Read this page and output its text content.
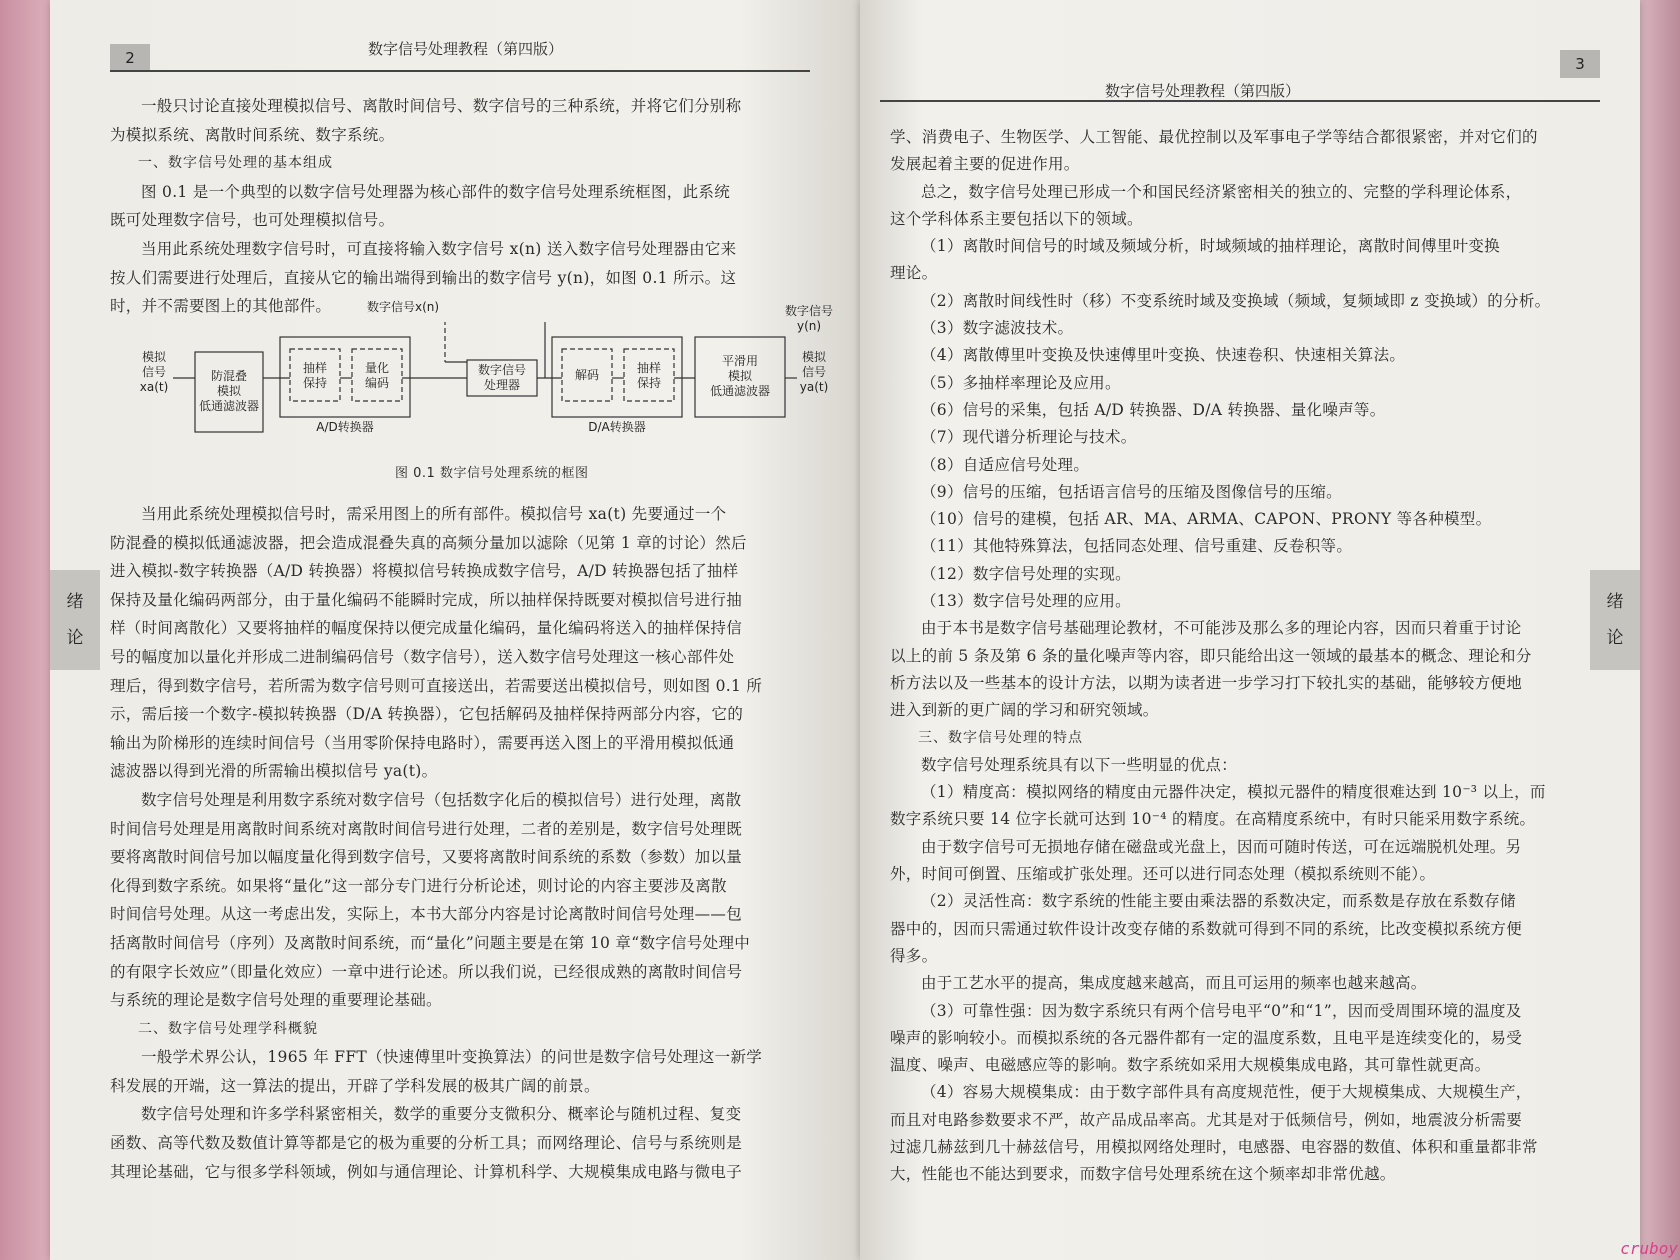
2	数字信号处理教程（第四版）

一般只讨论直接处理模拟信号、离散时间信号、数字信号的三种系统，并将它们分别称

为模拟系统、离散时间系统、数字系统。

一、数字信号处理的基本组成

图 0.1 是一个典型的以数字信号处理器为核心部件的数字信号处理系统框图，此系统

既可处理数字信号，也可处理模拟信号。

当用此系统处理数字信号时，可直接将输入数字信号 x(n) 送入数字信号处理器由它来

按人们需要进行处理后，直接从它的输出端得到输出的数字信号 y(n)，如图 0.1 所示。这

时，并不需要图上的其他部件。	数字信号x(n)	数字信号
y(n)
模拟
信号
xa(t)
防混叠
模拟
低通滤波器
抽样
保持
量化
编码
A/D转换器
数字信号
处理器
解码	抽样
保持
D/A转换器
平滑用
模拟
低通滤波器
模拟
信号
ya(t)
图 0.1 数字信号处理系统的框图

当用此系统处理模拟信号时，需采用图上的所有部件。模拟信号 xa(t) 先要通过一个

防混叠的模拟低通滤波器，把会造成混叠失真的高频分量加以滤除（见第 1 章的讨论）然后

进入模拟-数字转换器（A/D 转换器）将模拟信号转换成数字信号，A/D 转换器包括了抽样

保持及量化编码两部分，由于量化编码不能瞬时完成，所以抽样保持既要对模拟信号进行抽

样（时间离散化）又要将抽样的幅度保持以便完成量化编码，量化编码将送入的抽样保持信

号的幅度加以量化并形成二进制编码信号（数字信号），送入数字信号处理这一核心部件处

理后，得到数字信号，若所需为数字信号则可直接送出，若需要送出模拟信号，则如图 0.1 所

示，需后接一个数字-模拟转换器（D/A 转换器），它包括解码及抽样保持两部分内容，它的

输出为阶梯形的连续时间信号（当用零阶保持电路时），需要再送入图上的平滑用模拟低通

滤波器以得到光滑的所需输出模拟信号 ya(t)。

数字信号处理是利用数字系统对数字信号（包括数字化后的模拟信号）进行处理，离散

时间信号处理是用离散时间系统对离散时间信号进行处理，二者的差别是，数字信号处理既

要将离散时间信号加以幅度量化得到数字信号，又要将离散时间系统的系数（参数）加以量

化得到数字系统。如果将“量化”这一部分专门进行分析论述，则讨论的内容主要涉及离散

时间信号处理。从这一考虑出发，实际上，本书大部分内容是讨论离散时间信号处理——包

括离散时间信号（序列）及离散时间系统，而“量化”问题主要是在第 10 章“数字信号处理中

的有限字长效应”（即量化效应）一章中进行论述。所以我们说，已经很成熟的离散时间信号

与系统的理论是数字信号处理的重要理论基础。

二、数字信号处理学科概貌

一般学术界公认，1965 年 FFT（快速傅里叶变换算法）的问世是数字信号处理这一新学

科发展的开端，这一算法的提出，开辟了学科发展的极其广阔的前景。

数字信号处理和许多学科紧密相关，数学的重要分支微积分、概率论与随机过程、复变

函数、高等代数及数值计算等都是它的极为重要的分析工具；而网络理论、信号与系统则是

其理论基础，它与很多学科领域，例如与通信理论、计算机科学、大规模集成电路与微电子

绪
论
3
数字信号处理教程（第四版）

学、消费电子、生物医学、人工智能、最优控制以及军事电子学等结合都很紧密，并对它们的

发展起着主要的促进作用。

总之，数字信号处理已形成一个和国民经济紧密相关的独立的、完整的学科理论体系，

这个学科体系主要包括以下的领域。

（1）离散时间信号的时域及频域分析，时域频域的抽样理论，离散时间傅里叶变换

理论。

（2）离散时间线性时（移）不变系统时域及变换域（频域，复频域即 z 变换域）的分析。

（3）数字滤波技术。

（4）离散傅里叶变换及快速傅里叶变换、快速卷积、快速相关算法。

（5）多抽样率理论及应用。

（6）信号的采集，包括 A/D 转换器、D/A 转换器、量化噪声等。

（7）现代谱分析理论与技术。

（8）自适应信号处理。

（9）信号的压缩，包括语言信号的压缩及图像信号的压缩。

（10）信号的建模，包括 AR、MA、ARMA、CAPON、PRONY 等各种模型。

（11）其他特殊算法，包括同态处理、信号重建、反卷积等。

（12）数字信号处理的实现。

（13）数字信号处理的应用。

由于本书是数字信号基础理论教材，不可能涉及那么多的理论内容，因而只着重于讨论

以上的前 5 条及第 6 条的量化噪声等内容，即只能给出这一领域的最基本的概念、理论和分

析方法以及一些基本的设计方法，以期为读者进一步学习打下较扎实的基础，能够较方便地

进入到新的更广阔的学习和研究领域。

三、数字信号处理的特点

数字信号处理系统具有以下一些明显的优点：

（1）精度高：模拟网络的精度由元器件决定，模拟元器件的精度很难达到 10⁻³ 以上，而

数字系统只要 14 位字长就可达到 10⁻⁴ 的精度。在高精度系统中，有时只能采用数字系统。

由于数字信号可无损地存储在磁盘或光盘上，因而可随时传送，可在远端脱机处理。另

外，时间可倒置、压缩或扩张处理。还可以进行同态处理（模拟系统则不能）。

（2）灵活性高：数字系统的性能主要由乘法器的系数决定，而系数是存放在系数存储

器中的，因而只需通过软件设计改变存储的系数就可得到不同的系统，比改变模拟系统方便

得多。

由于工艺水平的提高，集成度越来越高，而且可运用的频率也越来越高。

（3）可靠性强：因为数字系统只有两个信号电平“0”和“1”，因而受周围环境的温度及

噪声的影响较小。而模拟系统的各元器件都有一定的温度系数，且电平是连续变化的，易受

温度、噪声、电磁感应等的影响。数字系统如采用大规模集成电路，其可靠性就更高。

（4）容易大规模集成：由于数字部件具有高度规范性，便于大规模集成、大规模生产，

而且对电路参数要求不严，故产品成品率高。尤其是对于低频信号，例如，地震波分析需要

过滤几赫兹到几十赫兹信号，用模拟网络处理时，电感器、电容器的数值、体积和重量都非常

大，性能也不能达到要求，而数字信号处理系统在这个频率却非常优越。

绪
论
cruboy
